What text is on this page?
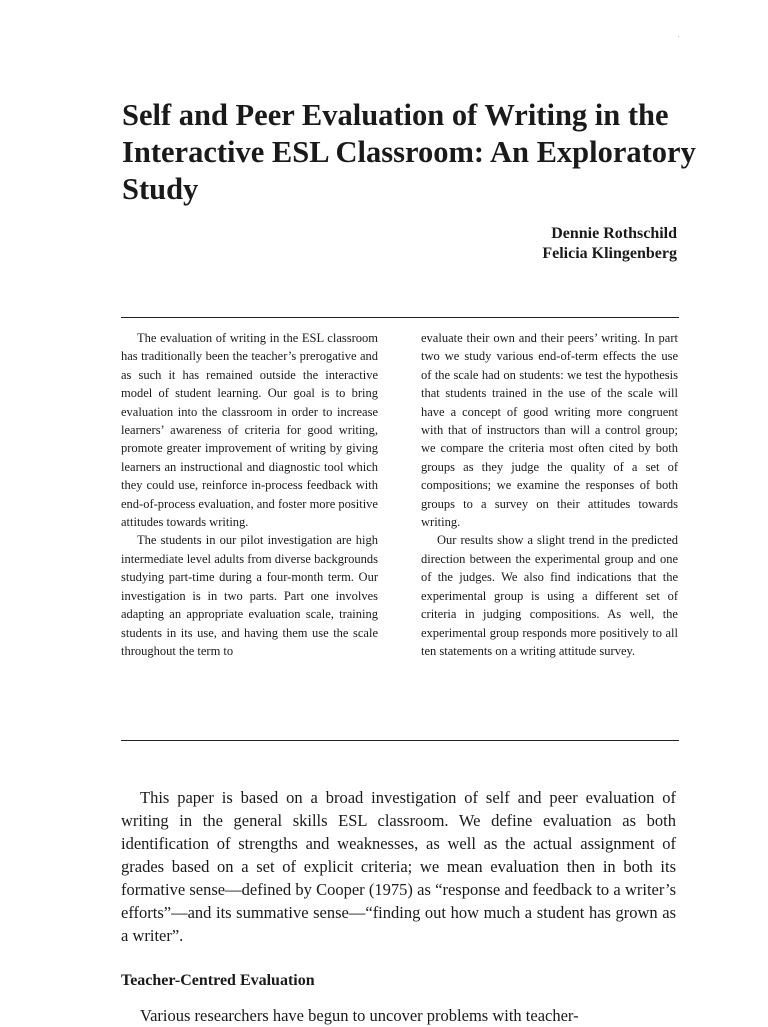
.
Self and Peer Evaluation of Writing in the Interactive ESL Classroom: An Exploratory Study
Dennie Rothschild
Felicia Klingenberg

The evaluation of writing in the ESL classroom has traditionally been the teacher’s prerogative and as such it has remained outside the interactive model of student learning. Our goal is to bring evaluation into the classroom in order to increase learners’ awareness of criteria for good writing, promote greater improvement of writing by giving learners an instructional and diagnostic tool which they could use, reinforce in-process feedback with end-of-process evaluation, and foster more positive attitudes towards writing.

The students in our pilot investigation are high intermediate level adults from diverse backgrounds studying part-time during a four-month term. Our investigation is in two parts. Part one involves adapting an appropriate evaluation scale, training students in its use, and having them use the scale throughout the term to

evaluate their own and their peers’ writing. In part two we study various end-of-term effects the use of the scale had on students: we test the hypothesis that students trained in the use of the scale will have a concept of good writing more congruent with that of instructors than will a control group; we compare the criteria most often cited by both groups as they judge the quality of a set of compositions; we examine the responses of both groups to a survey on their attitudes towards writing.

Our results show a slight trend in the predicted direction between the experimental group and one of the judges. We also find indications that the experimental group is using a different set of criteria in judging compositions. As well, the experimental group responds more positively to all ten statements on a writing attitude survey.

This paper is based on a broad investigation of self and peer evaluation of writing in the general skills ESL classroom. We define evaluation as both identification of strengths and weaknesses, as well as the actual assignment of grades based on a set of explicit criteria; we mean evaluation then in both its formative sense—defined by Cooper (1975) as “response and feedback to a writer’s efforts”—and its summative sense—“finding out how much a student has grown as a writer”.

Teacher-Centred Evaluation

Various researchers have begun to uncover problems with teacher-
